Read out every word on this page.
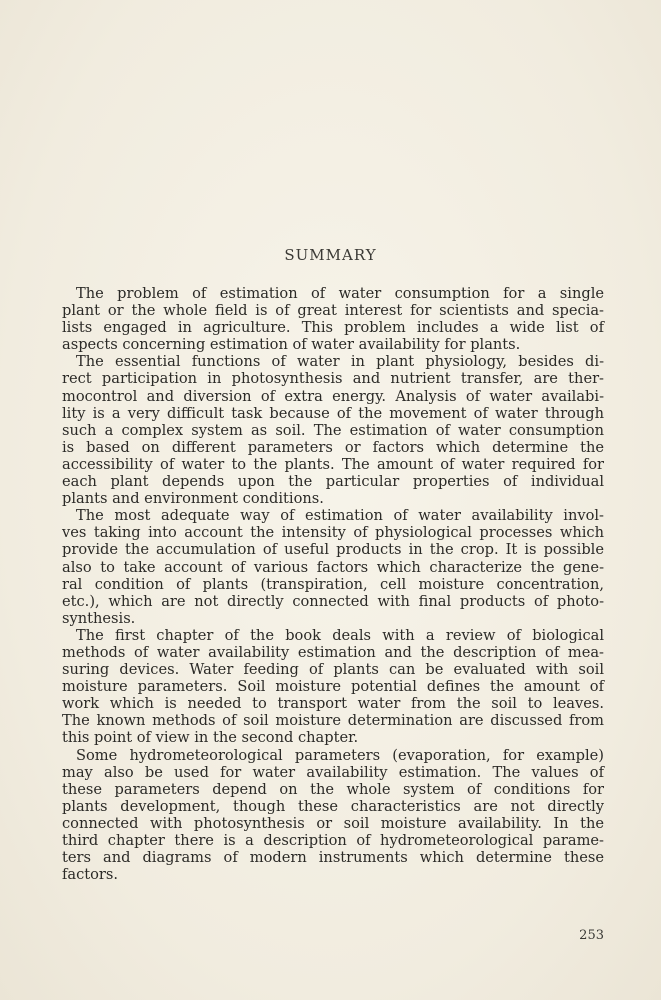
SUMMARY
The problem of estimation of water consumption for a single
plant or the whole field is of great interest for scientists and specia-
lists engaged in agriculture. This problem includes a wide list of
aspects concerning estimation of water availability for plants.
The essential functions of water in plant physiology, besides di-
rect participation in photosynthesis and nutrient transfer, are ther-
mocontrol and diversion of extra energy. Analysis of water availabi-
lity is a very difficult task because of the movement of water through
such a complex system as soil. The estimation of water consumption
is based on different parameters or factors which determine the
accessibility of water to the plants. The amount of water required for
each plant depends upon the particular properties of individual
plants and environment conditions.
The most adequate way of estimation of water availability invol-
ves taking into account the intensity of physiological processes which
provide the accumulation of useful products in the crop. It is possible
also to take account of various factors which characterize the gene-
ral condition of plants (transpiration, cell moisture concentration,
etc.), which are not directly connected with final products of photo-
synthesis.
The first chapter of the book deals with a review of biological
methods of water availability estimation and the description of mea-
suring devices. Water feeding of plants can be evaluated with soil
moisture parameters. Soil moisture potential defines the amount of
work which is needed to transport water from the soil to leaves.
The known methods of soil moisture determination are discussed from
this point of view in the second chapter.
Some hydrometeorological parameters (evaporation, for example)
may also be used for water availability estimation. The values of
these parameters depend on the whole system of conditions for
plants development, though these characteristics are not directly
connected with photosynthesis or soil moisture availability. In the
third chapter there is a description of hydrometeorological parame-
ters and diagrams of modern instruments which determine these
factors.
253
